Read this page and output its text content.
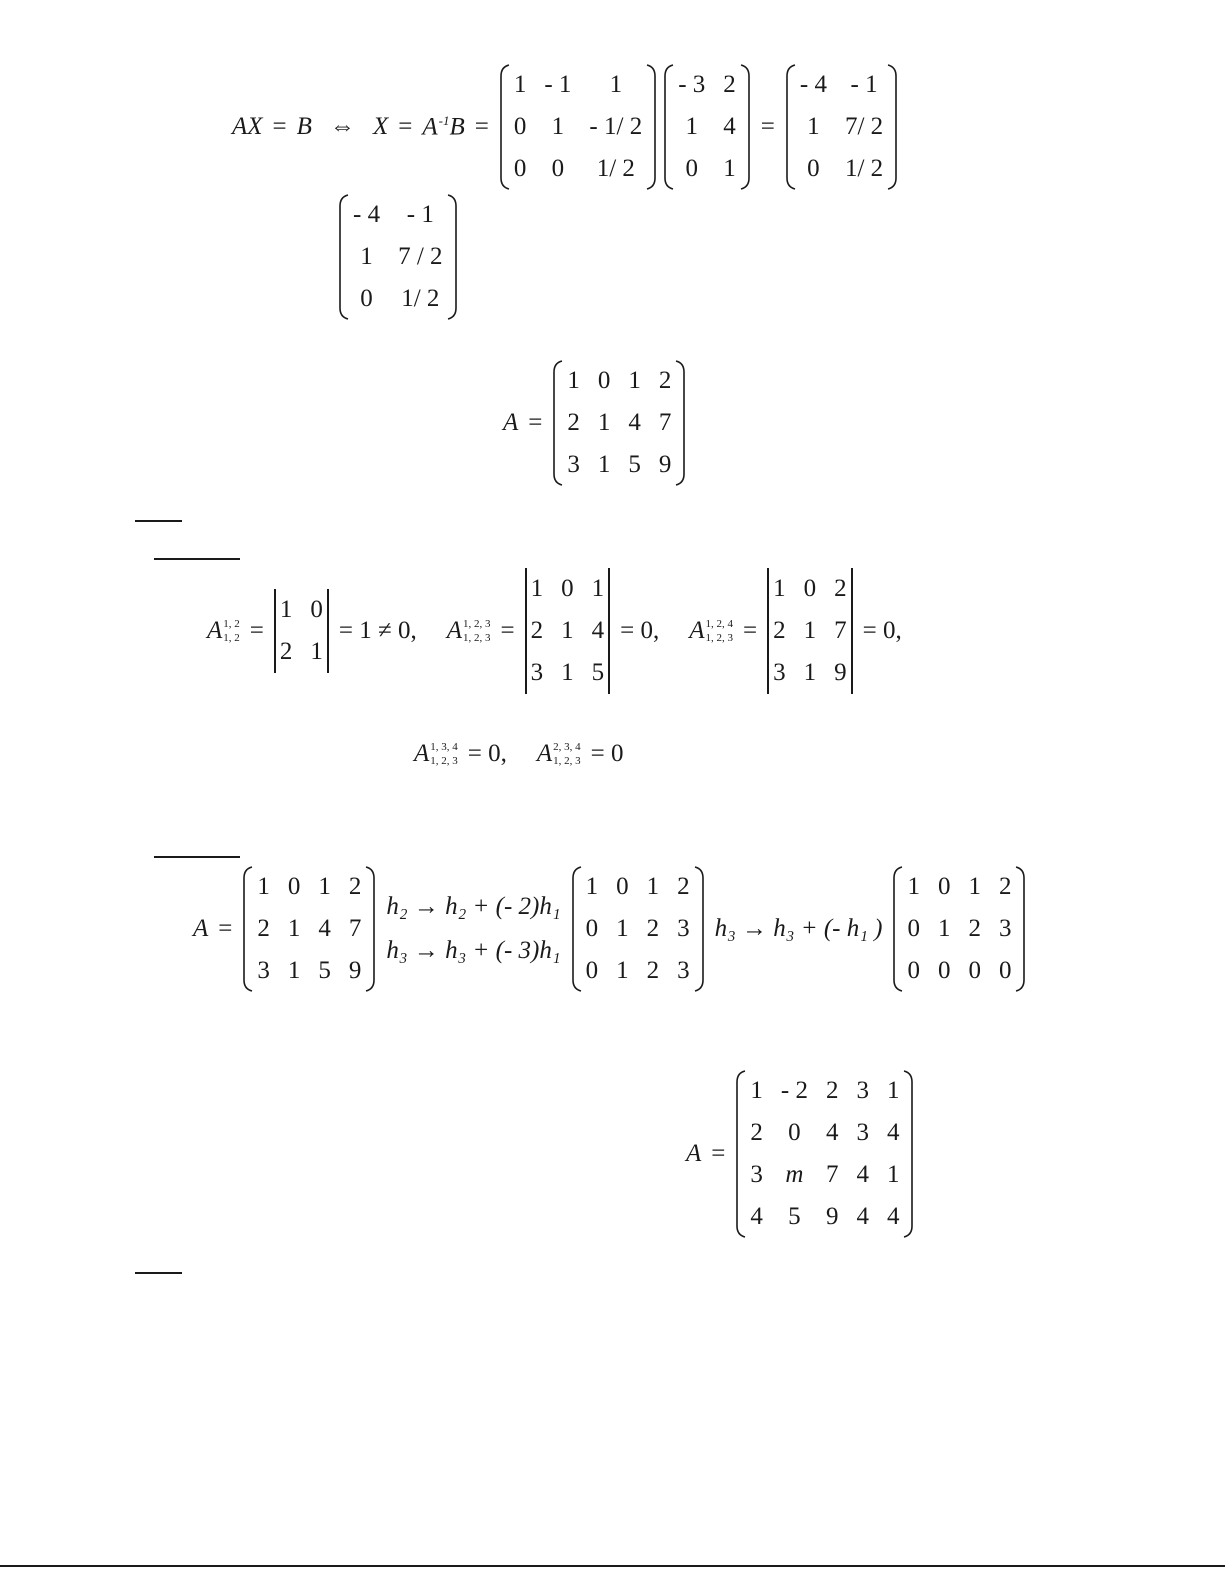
AX = B ⇔ $X = A^{-1}B$ =
1 - 1 1
0 1 - 1/ 2
0 0 1/ 2
- 3 2
1 4
0 1
=
- 4 - 1
1 7/ 2
0 1/ 2
- 4 - 1
1 7 / 2
0 1/ 2
A =
1 0 1 2
2 1 4 7
3 1 5 9
A 1, 2
1, 2 =
1 0
2 1
= 1 ≠ 0, A 1, 2, 3
1, 2, 3 =
1 0 1
2 1 4
3 1 5
= 0, A 1, 2, 4
1, 2, 3 =
1 0 2
2 1 7
3 1 9
= 0,
A 1, 3, 4
1, 2, 3 = 0, A 2, 3, 4
1, 2, 3 = 0
A =
1 0 1 2
2 1 4 7
3 1 5 9
h₂ → h₂ + (- 2)h₁
h₃ → h₃ + (- 3)h₁
1 0 1 2
0 1 2 3
0 1 2 3
h₃ → h₃ + (- h₁ )
1 0 1 2
0 1 2 3
0 0 0 0
A =
1 - 2 2 3 1
2 0 4 3 4
3 m 7 4 1
4 5 9 4 4
